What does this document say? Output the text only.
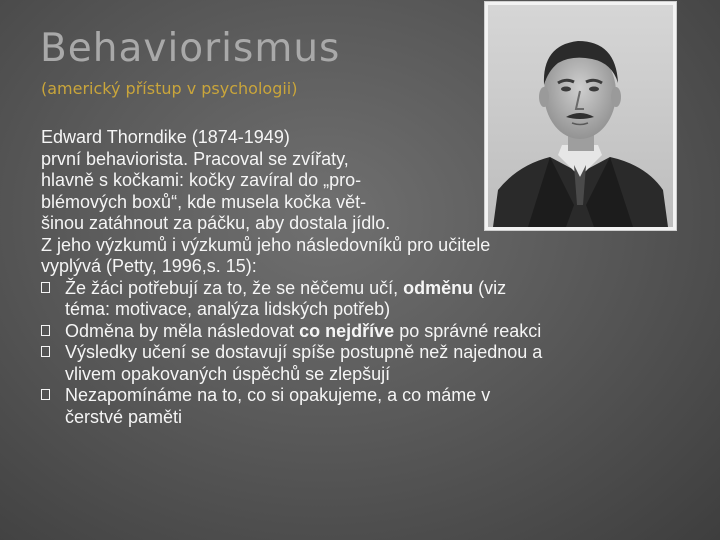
Behaviorismus
(americký přístup v psychologii)
Edward Thorndike (1874-1949)
první behaviorista. Pracoval se zvířaty,
hlavně s kočkami: kočky zavíral do „pro-
blémových boxů“, kde musela kočka vět-
šinou zatáhnout za páčku, aby dostala jídlo.
Z jeho výzkumů i výzkumů jeho následovníků pro učitele
vyplývá (Petty, 1996,s. 15):
Že žáci potřebují za to, že se něčemu učí, odměnu (viz
téma: motivace, analýza lidských potřeb)
Odměna by měla následovat co nejdříve po správné reakci
Výsledky učení se dostavují spíše postupně než najednou a
vlivem opakovaných úspěchů se zlepšují
Nezapomínáme na to, co si opakujeme, a co máme v
čerstvé paměti
